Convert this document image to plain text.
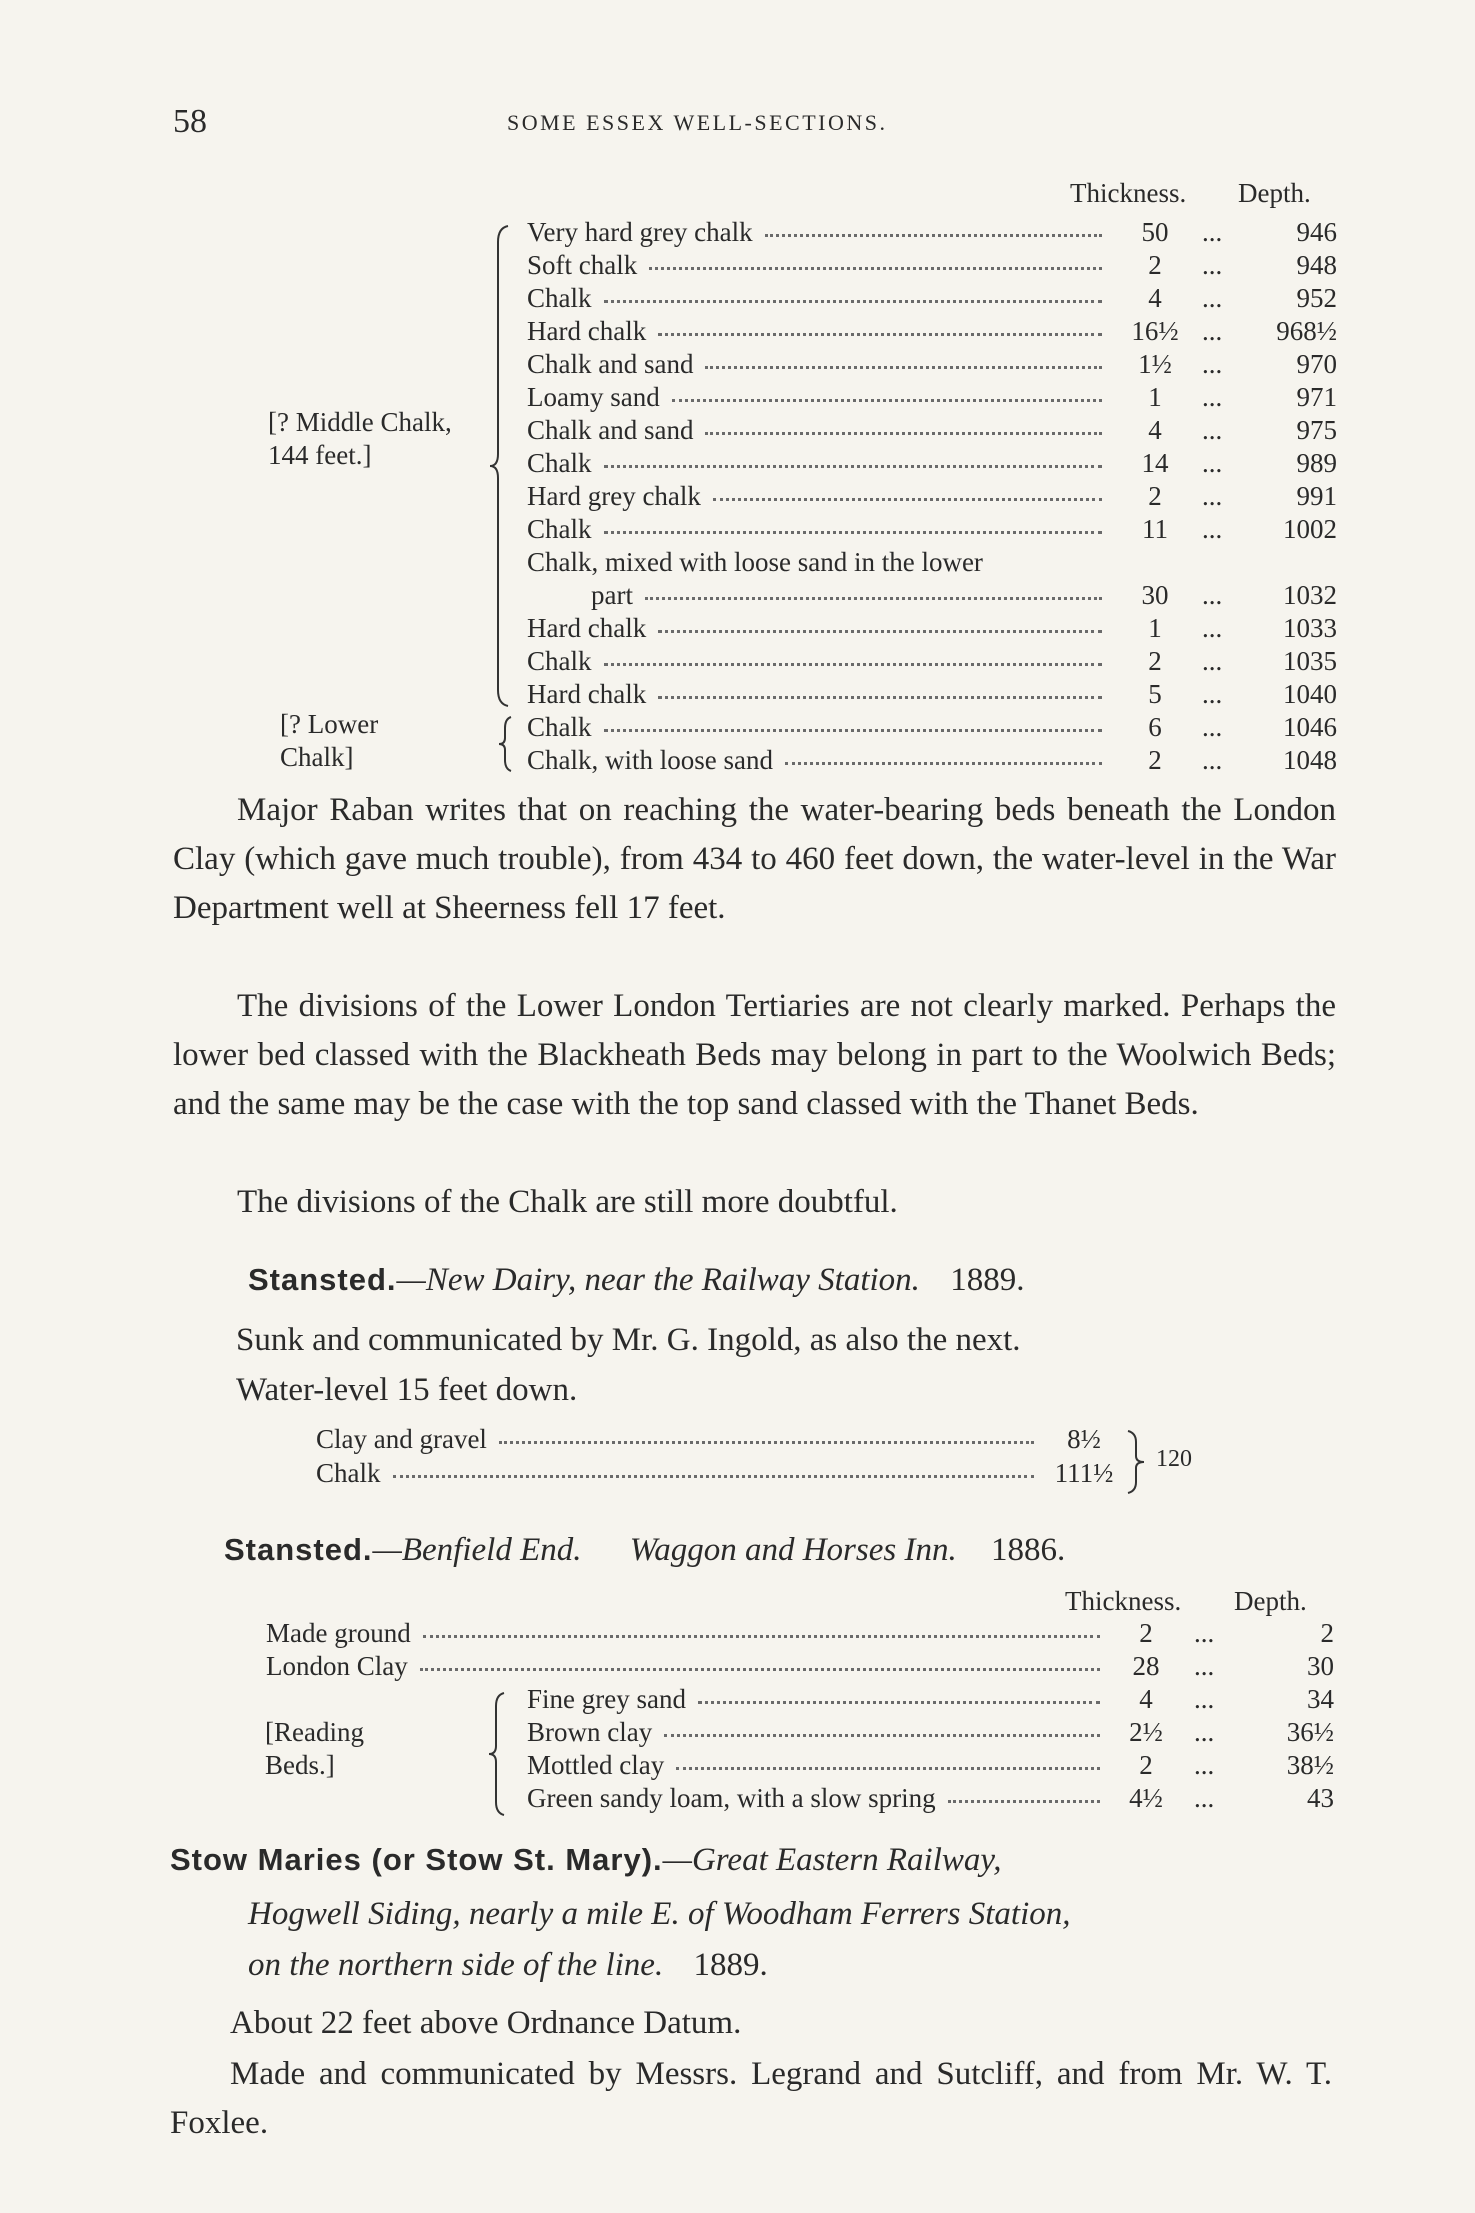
58	SOME ESSEX WELL-SECTIONS.
Thickness. Depth.
[? Middle Chalk, 144 feet.]
[? Lower Chalk]
Very hard grey chalk	50	...	946
Soft chalk	2	...	948
Chalk	4	...	952
Hard chalk	16½ ... 968½
Chalk and sand	1½	...	970
Loamy sand	1	...	971
Chalk and sand	4	...	975
Chalk	14	...	989
Hard grey chalk	2	...	991
Chalk	11	... 1002
Chalk, mixed with loose sand in the lower
part	30	... 1032
Hard chalk	1	... 1033
Chalk	2	... 1035
Hard chalk	5	... 1040
Chalk	6	... 1046
Chalk, with loose sand	2	... 1048
Major Raban writes that on reaching the water-bearing beds beneath the London Clay (which gave much trouble), from 434 to 460 feet down, the water-level in the War Department well at Sheerness fell 17 feet.
The divisions of the Lower London Tertiaries are not clearly marked. Perhaps the lower bed classed with the Blackheath Beds may belong in part to the Woolwich Beds; and the same may be the case with the top sand classed with the Thanet Beds.
The divisions of the Chalk are still more doubtful.
Stansted.—New Dairy, near the Railway Station. 1889.
Sunk and communicated by Mr. G. Ingold, as also the next.
Water-level 15 feet down.
Clay and gravel	8½
Chalk	111½	120
Stansted.—Benfield End. Waggon and Horses Inn. 1886.
Thickness. Depth.
[Reading Beds.]
Made ground	2	...	2
London Clay	28	...	30
Fine grey sand	4	...	34
Brown clay	2½	...	36½
Mottled clay	2	...	38½
Green sandy loam, with a slow spring	4½	...	43
Stow Maries (or Stow St. Mary).—Great Eastern Railway,
Hogwell Siding, nearly a mile E. of Woodham Ferrers Station,
on the northern side of the line. 1889.
About 22 feet above Ordnance Datum.
Made and communicated by Messrs. Legrand and Sutcliff, and from Mr. W. T. Foxlee.
